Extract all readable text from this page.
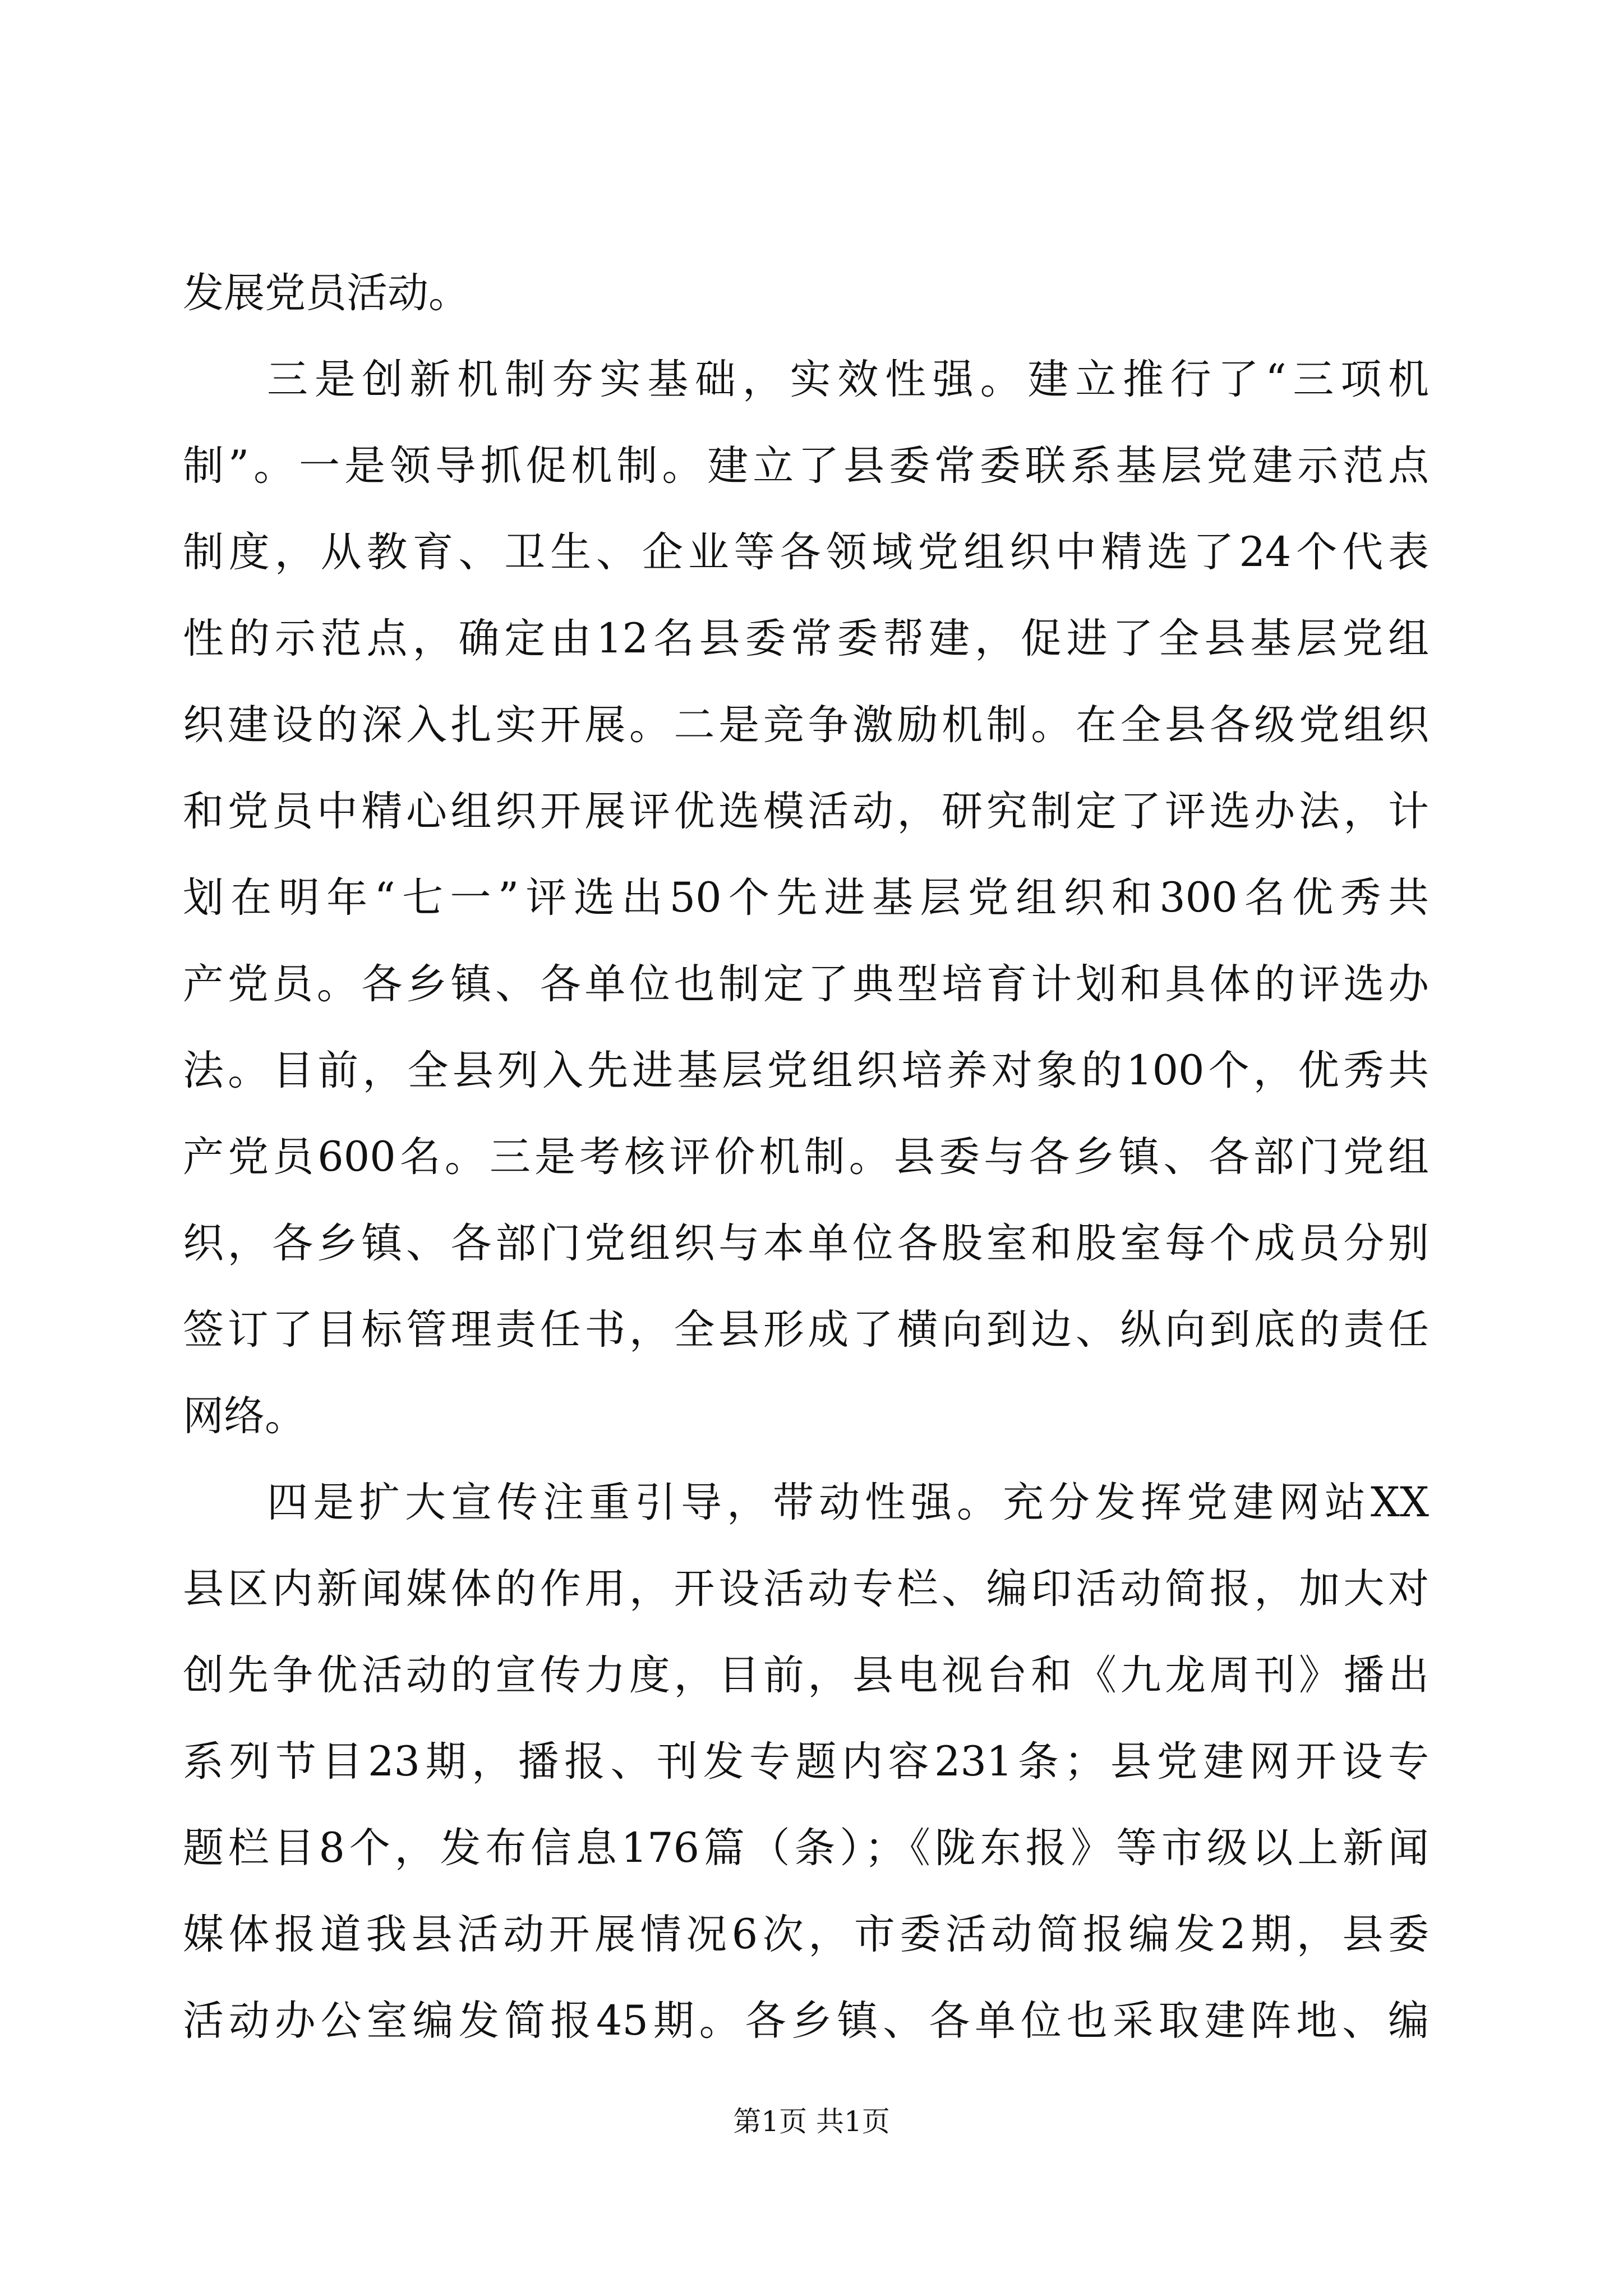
发展党员活动。
三是创新机制夯实基础，实效性强。建立推行了“三项机
制”。一是领导抓促机制。建立了县委常委联系基层党建示范点
制度，从教育、卫生、企业等各领域党组织中精选了24个代表
性的示范点，确定由12名县委常委帮建，促进了全县基层党组
织建设的深入扎实开展。二是竞争激励机制。在全县各级党组织
和党员中精心组织开展评优选模活动，研究制定了评选办法，计
划在明年“七一”评选出50个先进基层党组织和300名优秀共
产党员。各乡镇、各单位也制定了典型培育计划和具体的评选办
法。目前，全县列入先进基层党组织培养对象的100个，优秀共
产党员600名。三是考核评价机制。县委与各乡镇、各部门党组
织，各乡镇、各部门党组织与本单位各股室和股室每个成员分别
签订了目标管理责任书，全县形成了横向到边、纵向到底的责任
网络。
四是扩大宣传注重引导，带动性强。充分发挥党建网站XX
县区内新闻媒体的作用，开设活动专栏、编印活动简报，加大对
创先争优活动的宣传力度，目前，县电视台和《九龙周刊》播出
系列节目23期，播报、刊发专题内容231条；县党建网开设专
题栏目8个，发布信息176篇（条）；《陇东报》等市级以上新闻
媒体报道我县活动开展情况6次，市委活动简报编发2期，县委
活动办公室编发简报45期。各乡镇、各单位也采取建阵地、编
第1页 共1页
